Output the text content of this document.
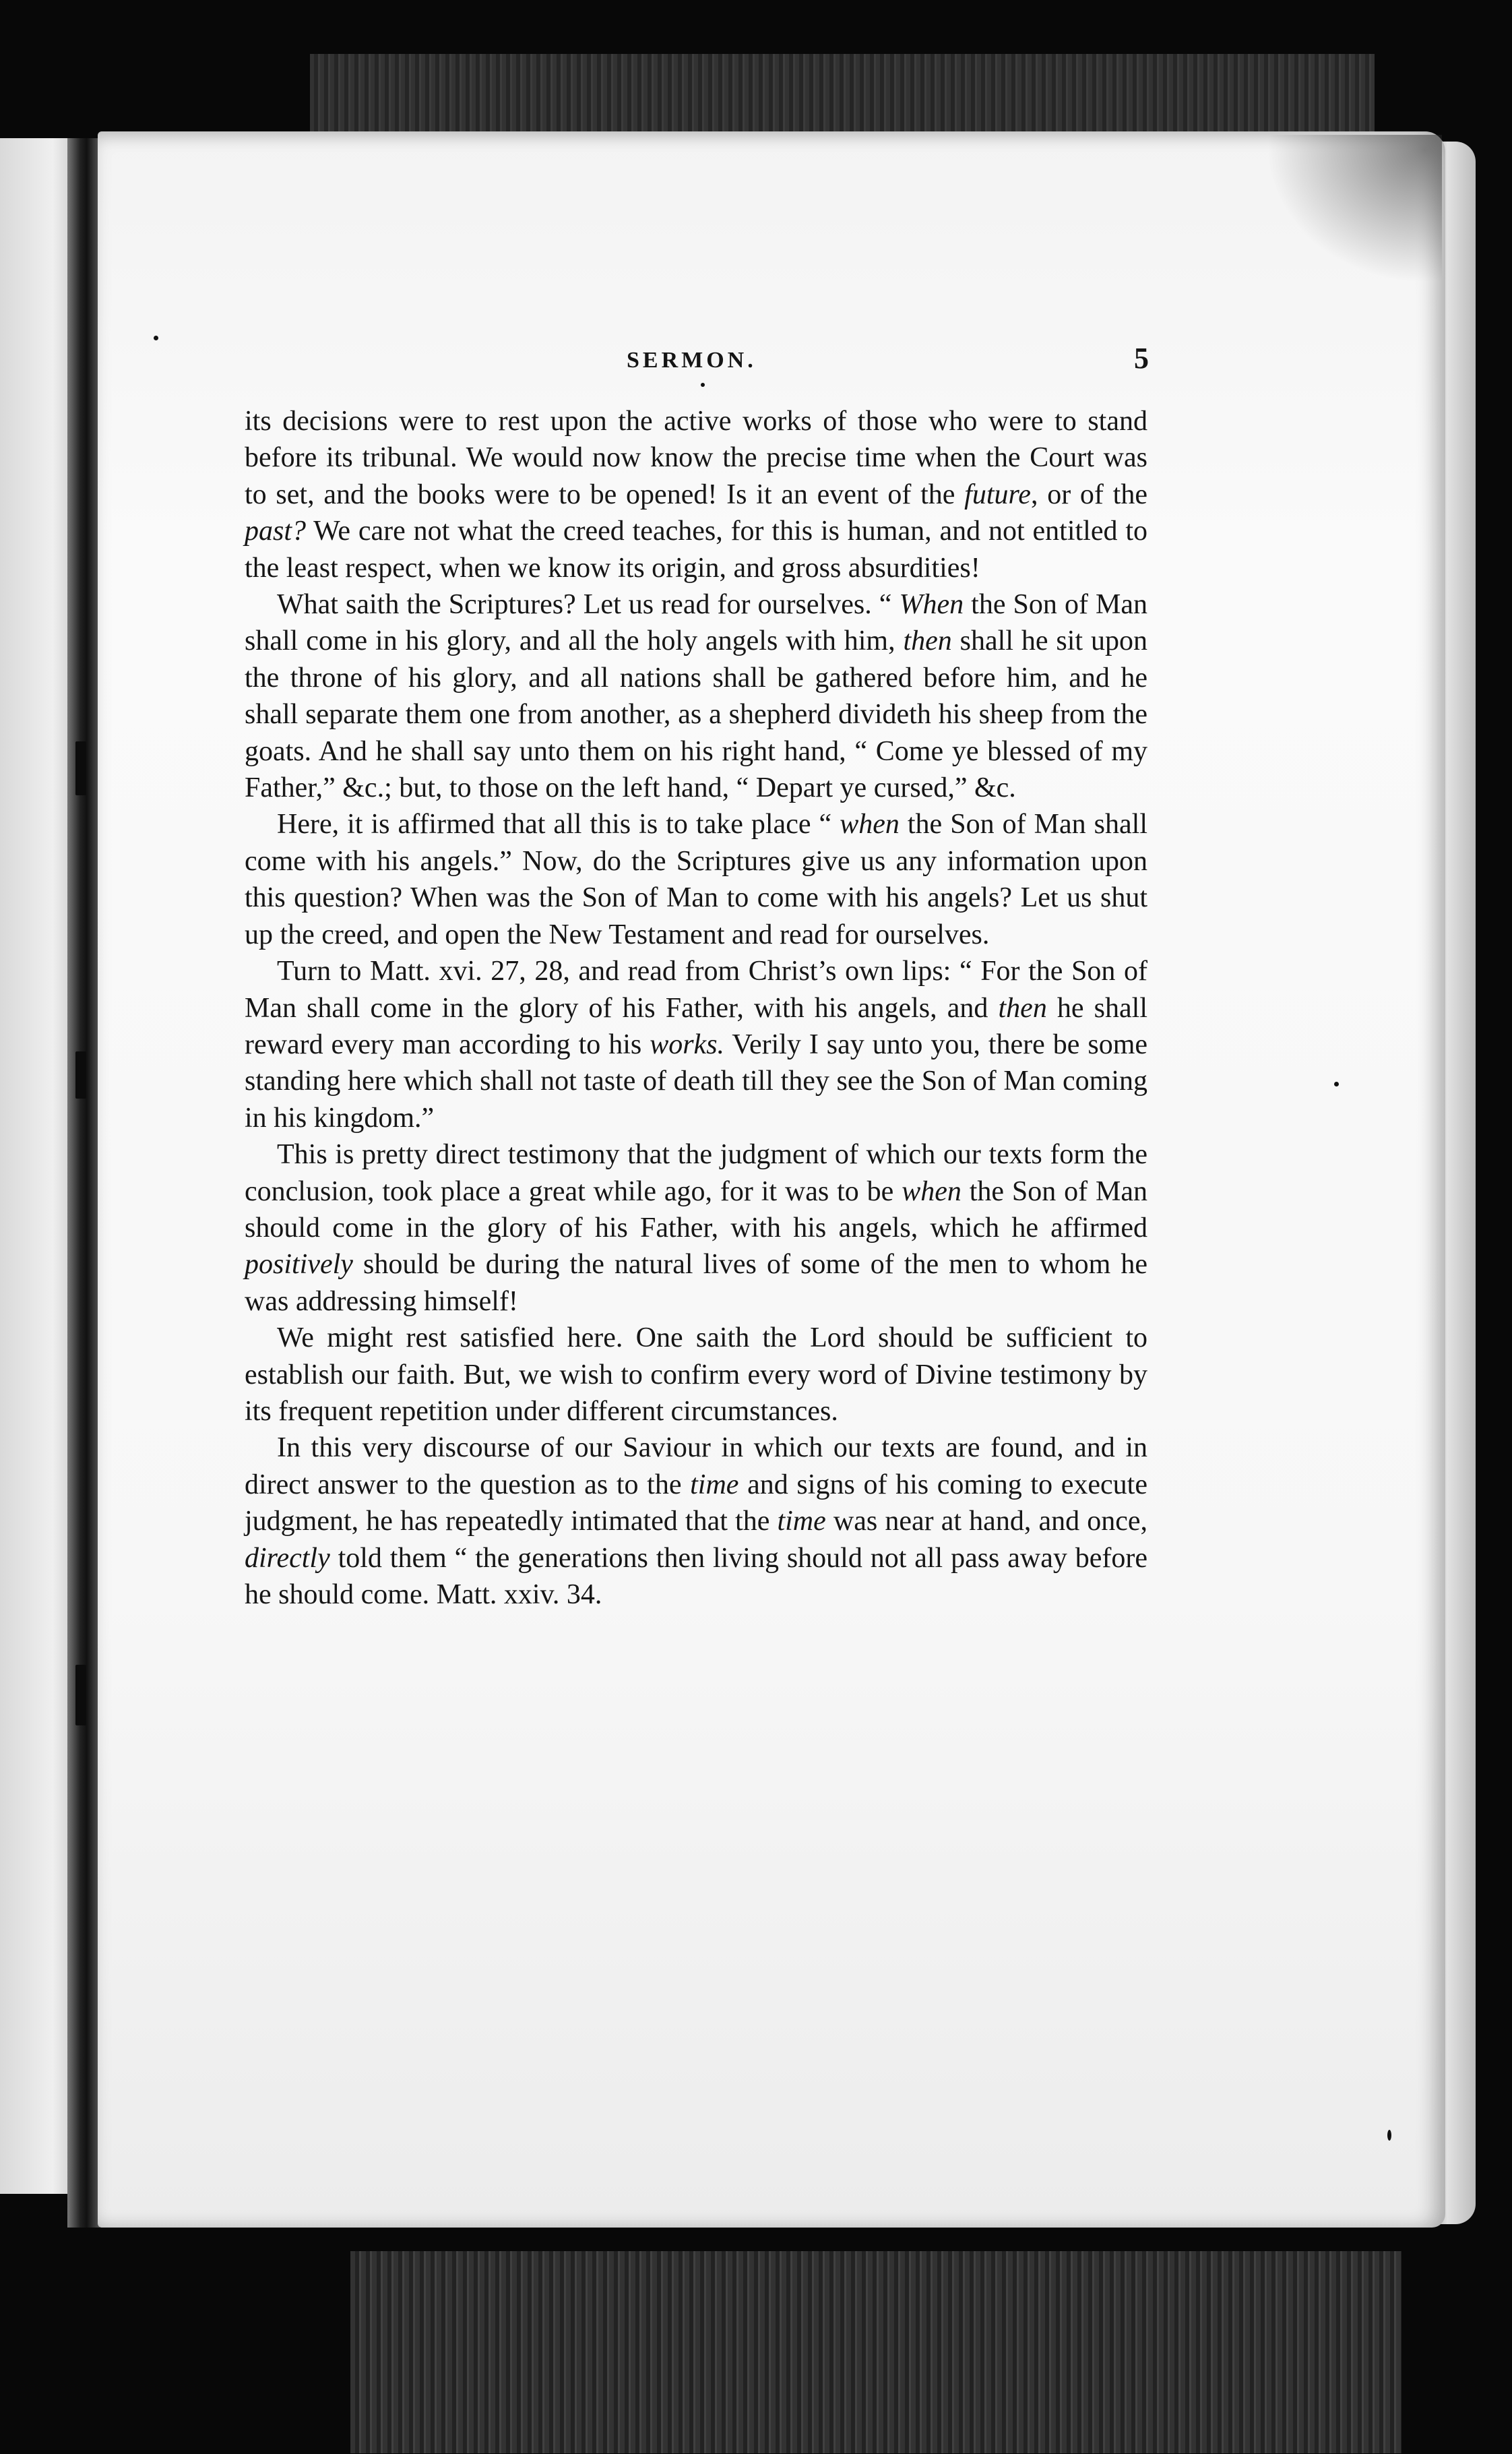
SERMON.	5

its decisions were to rest upon the active works of those who were to stand before its tribunal. We would now know the precise time when the Court was to set, and the books were to be opened! Is it an event of the future, or of the past? We care not what the creed teaches, for this is human, and not entitled to the least respect, when we know its origin, and gross absurdities!

What saith the Scriptures? Let us read for ourselves. “ When the Son of Man shall come in his glory, and all the holy angels with him, then shall he sit upon the throne of his glory, and all nations shall be gathered before him, and he shall separate them one from another, as a shepherd divideth his sheep from the goats. And he shall say unto them on his right hand, “ Come ye blessed of my Father,” &c.; but, to those on the left hand, “ Depart ye cursed,” &c.

Here, it is affirmed that all this is to take place “ when the Son of Man shall come with his angels.” Now, do the Scriptures give us any information upon this question? When was the Son of Man to come with his angels? Let us shut up the creed, and open the New Testament and read for ourselves.

Turn to Matt. xvi. 27, 28, and read from Christ’s own lips: “ For the Son of Man shall come in the glory of his Father, with his angels, and then he shall reward every man according to his works. Verily I say unto you, there be some standing here which shall not taste of death till they see the Son of Man coming in his kingdom.”

This is pretty direct testimony that the judgment of which our texts form the conclusion, took place a great while ago, for it was to be when the Son of Man should come in the glory of his Father, with his angels, which he affirmed positively should be during the natural lives of some of the men to whom he was addressing himself!

We might rest satisfied here. One saith the Lord should be sufficient to establish our faith. But, we wish to confirm every word of Divine testimony by its frequent repetition under different circumstances.

In this very discourse of our Saviour in which our texts are found, and in direct answer to the question as to the time and signs of his coming to execute judgment, he has repeatedly intimated that the time was near at hand, and once, directly told them “ the generations then living should not all pass away before he should come. Matt. xxiv. 34.
